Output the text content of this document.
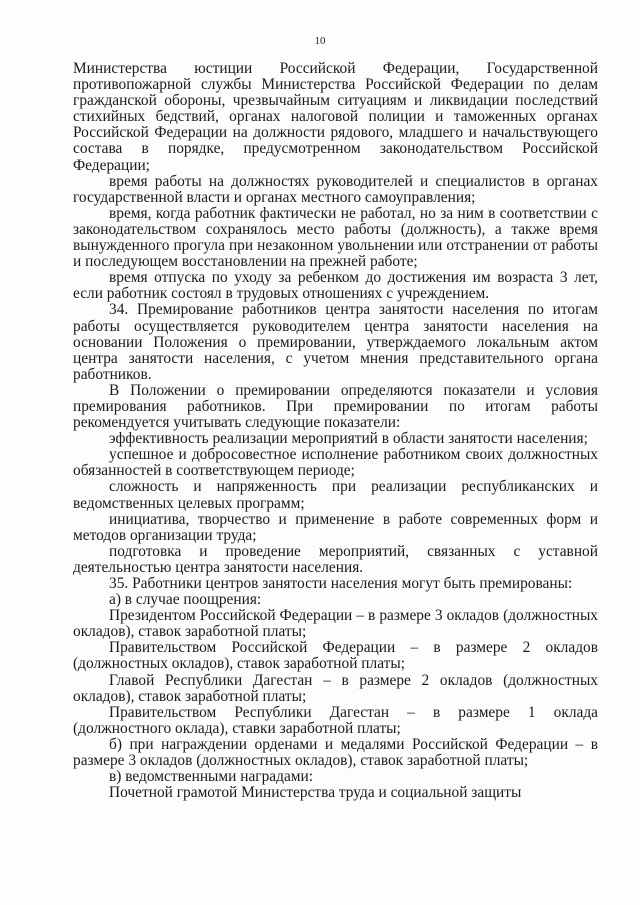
10

Министерства юстиции Российской Федерации, Государственной противопожарной службы Министерства Российской Федерации по делам гражданской обороны, чрезвычайным ситуациям и ликвидации последствий стихийных бедствий, органах налоговой полиции и таможенных органах Российской Федерации на должности рядового, младшего и начальствующего состава в порядке, предусмотренном законодательством Российской Федерации;

время работы на должностях руководителей и специалистов в органах государственной власти и органах местного самоуправления;

время, когда работник фактически не работал, но за ним в соответствии с законодательством сохранялось место работы (должность), а также время вынужденного прогула при незаконном увольнении или отстранении от работы и последующем восстановлении на прежней работе;

время отпуска по уходу за ребенком до достижения им возраста 3 лет, если работник состоял в трудовых отношениях с учреждением.

34. Премирование работников центра занятости населения по итогам работы осуществляется руководителем центра занятости населения на основании Положения о премировании, утверждаемого локальным актом центра занятости населения, с учетом мнения представительного органа работников.

В Положении о премировании определяются показатели и условия премирования работников. При премировании по итогам работы рекомендуется учитывать следующие показатели:

эффективность реализации мероприятий в области занятости населения;

успешное и добросовестное исполнение работником своих должностных обязанностей в соответствующем периоде;

сложность и напряженность при реализации республиканских и ведомственных целевых программ;

инициатива, творчество и применение в работе современных форм и методов организации труда;

подготовка и проведение мероприятий, связанных с уставной деятельностью центра занятости населения.

35. Работники центров занятости населения могут быть премированы:

а) в случае поощрения:

Президентом Российской Федерации – в размере 3 окладов (должностных окладов), ставок заработной платы;

Правительством Российской Федерации – в размере 2 окладов (должностных окладов), ставок заработной платы;

Главой Республики Дагестан – в размере 2 окладов (должностных окладов), ставок заработной платы;

Правительством Республики Дагестан – в размере 1 оклада (должностного оклада), ставки заработной платы;

б) при награждении орденами и медалями Российской Федерации – в размере 3 окладов (должностных окладов), ставок заработной платы;

в) ведомственными наградами:

Почетной грамотой Министерства труда и социальной защиты
